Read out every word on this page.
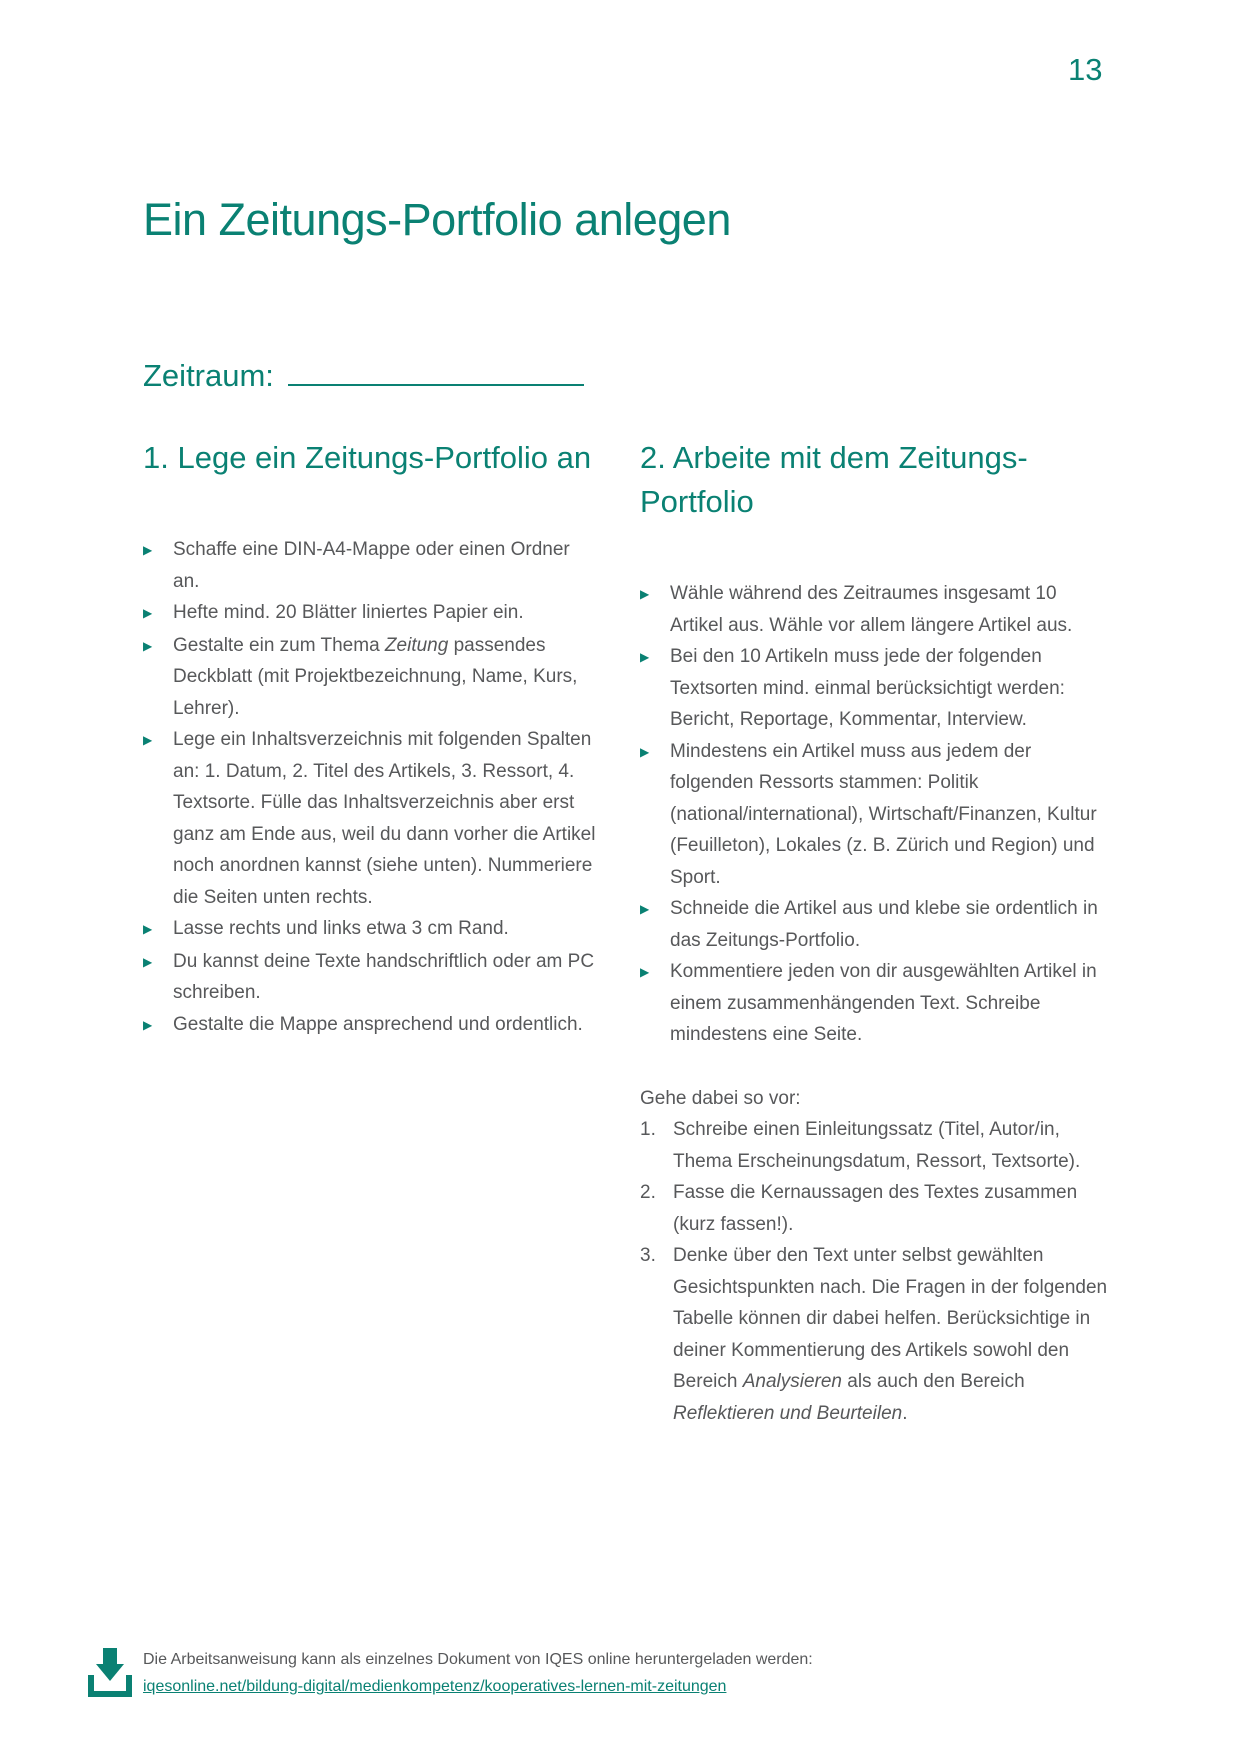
13
Ein Zeitungs-Portfolio anlegen
Zeitraum:
1. Lege ein Zeitungs-Portfolio an
▶	Schaffe eine DIN-A4-Mappe oder einen Ordner an.
▶	Hefte mind. 20 Blätter liniertes Papier ein.
▶	Gestalte ein zum Thema Zeitung passendes Deckblatt (mit Projektbezeichnung, Name, Kurs, Lehrer).
▶	Lege ein Inhaltsverzeichnis mit folgenden Spalten an: 1. Datum, 2. Titel des Artikels, 3. Ressort, 4. Textsorte. Fülle das Inhaltsverzeichnis aber erst ganz am Ende aus, weil du dann vorher die Artikel noch anordnen kannst (siehe unten). Nummeriere die Seiten unten rechts.
▶	Lasse rechts und links etwa 3 cm Rand.
▶	Du kannst deine Texte handschriftlich oder am PC schreiben.
▶	Gestalte die Mappe ansprechend und ordentlich.
2. Arbeite mit dem Zeitungs-Portfolio
▶	Wähle während des Zeitraumes insgesamt 10 Artikel aus. Wähle vor allem längere Artikel aus.
▶	Bei den 10 Artikeln muss jede der folgenden Textsorten mind. einmal berücksichtigt werden: Bericht, Reportage, Kommentar, Interview.
▶	Mindestens ein Artikel muss aus jedem der folgenden Ressorts stammen: Politik (national/international), Wirtschaft/Finanzen, Kultur (Feuilleton), Lokales (z. B. Zürich und Region) und Sport.
▶	Schneide die Artikel aus und klebe sie ordentlich in das Zeitungs-Portfolio.
▶	Kommentiere jeden von dir ausgewählten Artikel in einem zusammenhängenden Text. Schreibe mindestens eine Seite.
Gehe dabei so vor:
1. Schreibe einen Einleitungssatz (Titel, Autor/in, Thema Erscheinungsdatum, Ressort, Textsorte).
2. Fasse die Kernaussagen des Textes zusammen (kurz fassen!).
3. Denke über den Text unter selbst gewählten Gesichtspunkten nach. Die Fragen in der folgenden Tabelle können dir dabei helfen. Berücksichtige in deiner Kommentierung des Artikels sowohl den Bereich Analysieren als auch den Bereich Reflektieren und Beurteilen.
Die Arbeitsanweisung kann als einzelnes Dokument von IQES online heruntergeladen werden:
iqesonline.net/bildung-digital/medienkompetenz/kooperatives-lernen-mit-zeitungen
